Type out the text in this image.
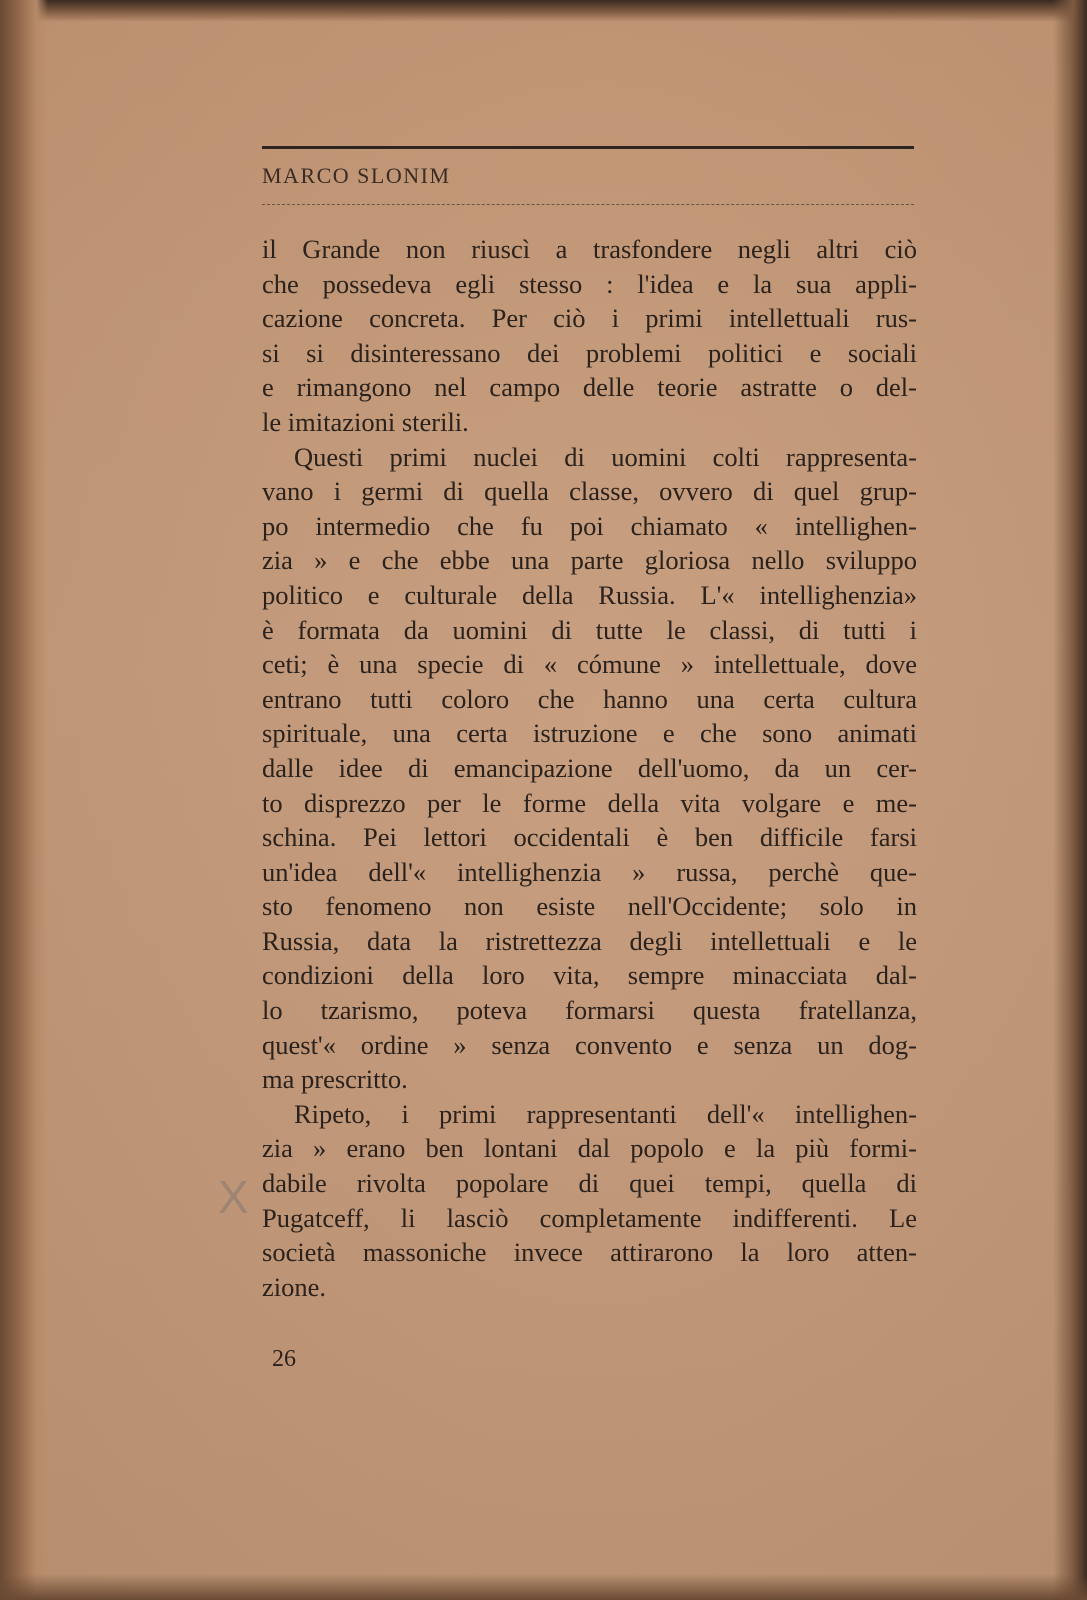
MARCO SLONIM
il Grande non riuscì a trasfondere negli altri ciò
che possedeva egli stesso : l'idea e la sua appli-
cazione concreta. Per ciò i primi intellettuali rus-
si si disinteressano dei problemi politici e sociali
e rimangono nel campo delle teorie astratte o del-
le imitazioni sterili.
Questi primi nuclei di uomini colti rappresenta-
vano i germi di quella classe, ovvero di quel grup-
po intermedio che fu poi chiamato « intellighen-
zia » e che ebbe una parte gloriosa nello sviluppo
politico e culturale della Russia. L'« intellighenzia»
è formata da uomini di tutte le classi, di tutti i
ceti; è una specie di « cómune » intellettuale, dove
entrano tutti coloro che hanno una certa cultura
spirituale, una certa istruzione e che sono animati
dalle idee di emancipazione dell'uomo, da un cer-
to disprezzo per le forme della vita volgare e me-
schina. Pei lettori occidentali è ben difficile farsi
un'idea dell'« intellighenzia » russa, perchè que-
sto fenomeno non esiste nell'Occidente; solo in
Russia, data la ristrettezza degli intellettuali e le
condizioni della loro vita, sempre minacciata dal-
lo tzarismo, poteva formarsi questa fratellanza,
quest'« ordine » senza convento e senza un dog-
ma prescritto.
Ripeto, i primi rappresentanti dell'« intellighen-
zia » erano ben lontani dal popolo e la più formi-
dabile rivolta popolare di quei tempi, quella di
Pugatceff, li lasciò completamente indifferenti. Le
società massoniche invece attirarono la loro atten-
zione.
X
26
